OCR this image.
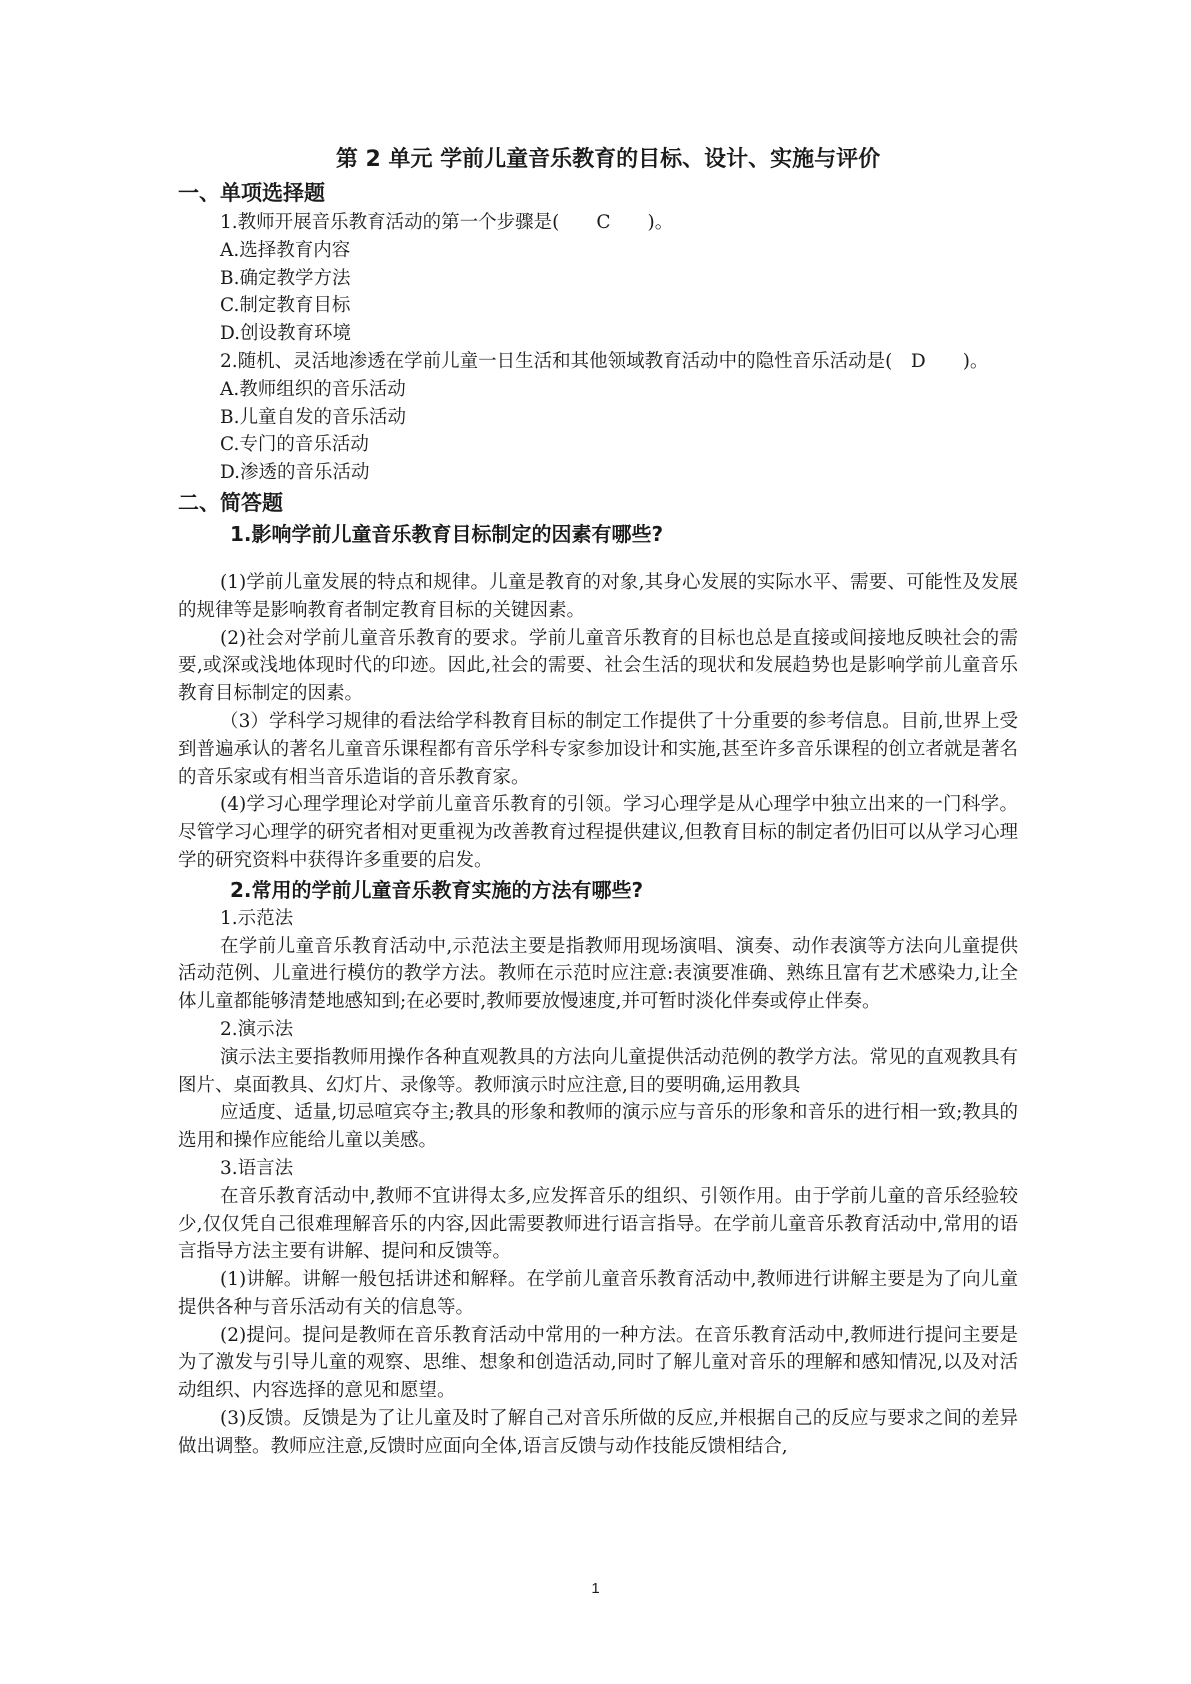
第 2 单元 学前儿童音乐教育的目标、设计、实施与评价
一、单项选择题
1.教师开展音乐教育活动的第一个步骤是(　　C　　)。
A.选择教育内容
B.确定教学方法
C.制定教育目标
D.创设教育环境
2.随机、灵活地渗透在学前儿童一日生活和其他领域教育活动中的隐性音乐活动是(　D　　)。
A.教师组织的音乐活动
B.儿童自发的音乐活动
C.专门的音乐活动
D.渗透的音乐活动
二、简答题
1.影响学前儿童音乐教育目标制定的因素有哪些?
(1)学前儿童发展的特点和规律。儿童是教育的对象,其身心发展的实际水平、需要、可能性及发展的规律等是影响教育者制定教育目标的关键因素。
(2)社会对学前儿童音乐教育的要求。学前儿童音乐教育的目标也总是直接或间接地反映社会的需要,或深或浅地体现时代的印迹。因此,社会的需要、社会生活的现状和发展趋势也是影响学前儿童音乐教育目标制定的因素。
（3）学科学习规律的看法给学科教育目标的制定工作提供了十分重要的参考信息。目前,世界上受到普遍承认的著名儿童音乐课程都有音乐学科专家参加设计和实施,甚至许多音乐课程的创立者就是著名的音乐家或有相当音乐造诣的音乐教育家。
(4)学习心理学理论对学前儿童音乐教育的引领。学习心理学是从心理学中独立出来的一门科学。尽管学习心理学的研究者相对更重视为改善教育过程提供建议,但教育目标的制定者仍旧可以从学习心理学的研究资料中获得许多重要的启发。
2.常用的学前儿童音乐教育实施的方法有哪些?
1.示范法
在学前儿童音乐教育活动中,示范法主要是指教师用现场演唱、演奏、动作表演等方法向儿童提供活动范例、儿童进行模仿的教学方法。教师在示范时应注意:表演要准确、熟练且富有艺术感染力,让全体儿童都能够清楚地感知到;在必要时,教师要放慢速度,并可暂时淡化伴奏或停止伴奏。
2.演示法
演示法主要指教师用操作各种直观教具的方法向儿童提供活动范例的教学方法。常见的直观教具有图片、桌面教具、幻灯片、录像等。教师演示时应注意,目的要明确,运用教具
应适度、适量,切忌喧宾夺主;教具的形象和教师的演示应与音乐的形象和音乐的进行相一致;教具的选用和操作应能给儿童以美感。
3.语言法
在音乐教育活动中,教师不宜讲得太多,应发挥音乐的组织、引领作用。由于学前儿童的音乐经验较少,仅仅凭自己很难理解音乐的内容,因此需要教师进行语言指导。在学前儿童音乐教育活动中,常用的语言指导方法主要有讲解、提问和反馈等。
(1)讲解。讲解一般包括讲述和解释。在学前儿童音乐教育活动中,教师进行讲解主要是为了向儿童提供各种与音乐活动有关的信息等。
(2)提问。提问是教师在音乐教育活动中常用的一种方法。在音乐教育活动中,教师进行提问主要是为了激发与引导儿童的观察、思维、想象和创造活动,同时了解儿童对音乐的理解和感知情况,以及对活动组织、内容选择的意见和愿望。
(3)反馈。反馈是为了让儿童及时了解自己对音乐所做的反应,并根据自己的反应与要求之间的差异做出调整。教师应注意,反馈时应面向全体,语言反馈与动作技能反馈相结合,
1
